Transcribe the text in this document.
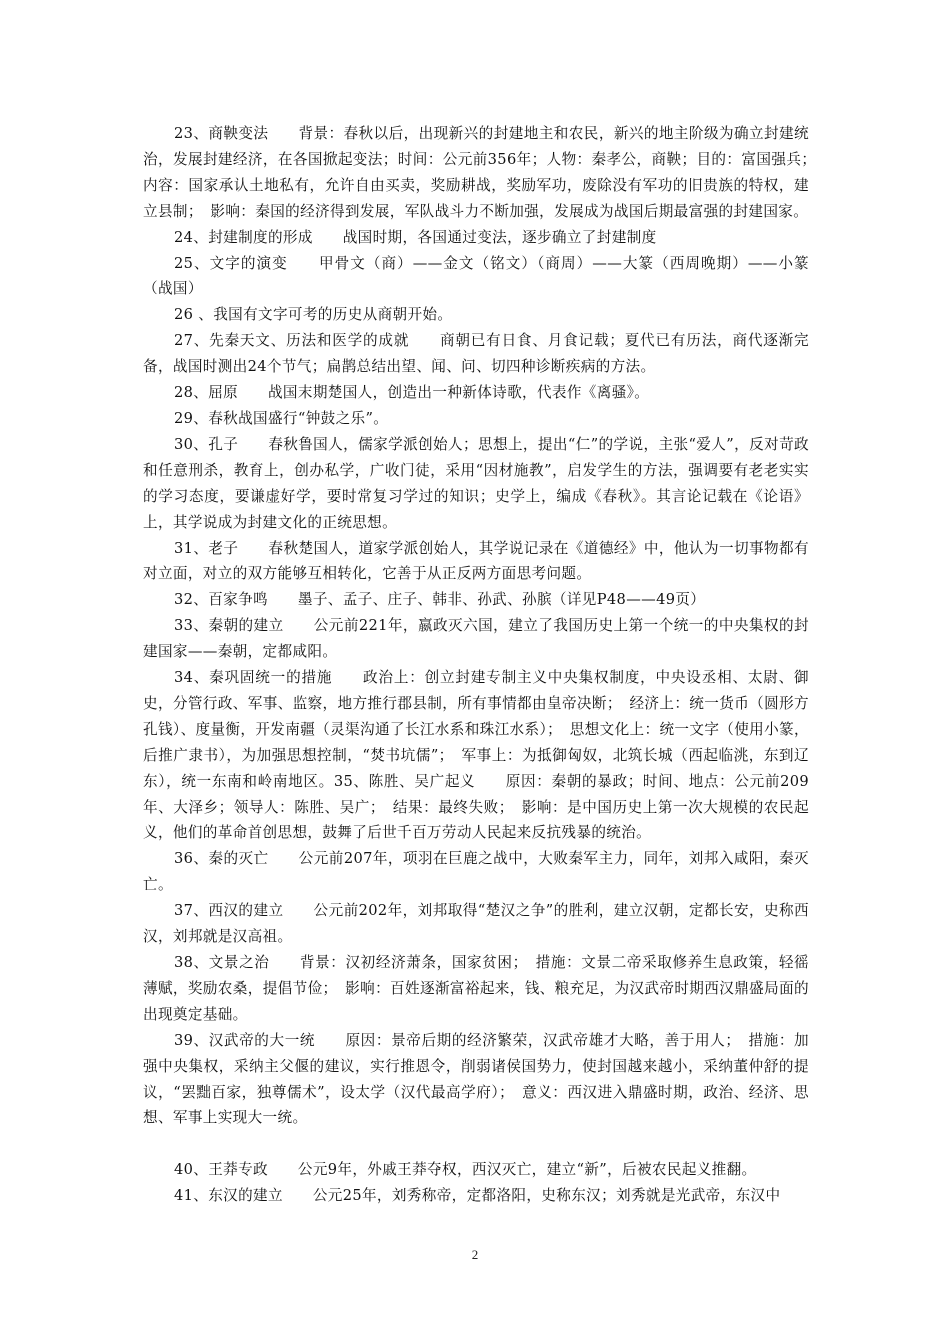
23、商鞅变法　　背景：春秋以后，出现新兴的封建地主和农民，新兴的地主阶级为确立封建统治，发展封建经济，在各国掀起变法；时间：公元前356年；人物：秦孝公，商鞅；目的：富国强兵；　内容：国家承认土地私有，允许自由买卖，奖励耕战，奖励军功，废除没有军功的旧贵族的特权，建立县制；　影响：秦国的经济得到发展，军队战斗力不断加强，发展成为战国后期最富强的封建国家。

24、封建制度的形成　　战国时期，各国通过变法，逐步确立了封建制度

25、文字的演变　　甲骨文（商）——金文（铭文）（商周）——大篆（西周晚期）——小篆（战国）

26 、我国有文字可考的历史从商朝开始。

27、先秦天文、历法和医学的成就　　商朝已有日食、月食记载；夏代已有历法，商代逐渐完备，战国时测出24个节气；扁鹊总结出望、闻、问、切四种诊断疾病的方法。

28、屈原　　战国末期楚国人，创造出一种新体诗歌，代表作《离骚》。

29、春秋战国盛行“钟鼓之乐”。

30、孔子　　春秋鲁国人，儒家学派创始人；思想上，提出“仁”的学说，主张“爱人”，反对苛政和任意刑杀，教育上，创办私学，广收门徒，采用“因材施教”，启发学生的方法，强调要有老老实实的学习态度，要谦虚好学，要时常复习学过的知识；史学上，编成《春秋》。其言论记载在《论语》上，其学说成为封建文化的正统思想。

31、老子　　春秋楚国人，道家学派创始人，其学说记录在《道德经》中，他认为一切事物都有对立面，对立的双方能够互相转化，它善于从正反两方面思考问题。

32、百家争鸣　　墨子、孟子、庄子、韩非、孙武、孙膑（详见P48——49页）

33、秦朝的建立　　公元前221年，嬴政灭六国，建立了我国历史上第一个统一的中央集权的封建国家——秦朝，定都咸阳。

34、秦巩固统一的措施　　政治上：创立封建专制主义中央集权制度，中央设丞相、太尉、御史，分管行政、军事、监察，地方推行郡县制，所有事情都由皇帝决断；　经济上：统一货币（圆形方孔钱）、度量衡，开发南疆（灵渠沟通了长江水系和珠江水系）；　思想文化上：统一文字（使用小篆，后推广隶书），为加强思想控制，“焚书坑儒”；　军事上：为抵御匈奴，北筑长城（西起临洮，东到辽东），统一东南和岭南地区。35、陈胜、吴广起义　　原因：秦朝的暴政；时间、地点：公元前209年、大泽乡；领导人：陈胜、吴广；　结果：最终失败；　影响：是中国历史上第一次大规模的农民起义，他们的革命首创思想，鼓舞了后世千百万劳动人民起来反抗残暴的统治。

36、秦的灭亡　　公元前207年，项羽在巨鹿之战中，大败秦军主力，同年，刘邦入咸阳，秦灭亡。

37、西汉的建立　　公元前202年，刘邦取得“楚汉之争”的胜利，建立汉朝，定都长安，史称西汉，刘邦就是汉高祖。

38、文景之治　　背景：汉初经济萧条，国家贫困；　措施：文景二帝采取修养生息政策，轻徭薄赋，奖励农桑，提倡节俭；　影响：百姓逐渐富裕起来，钱、粮充足，为汉武帝时期西汉鼎盛局面的出现奠定基础。

39、汉武帝的大一统　　原因：景帝后期的经济繁荣，汉武帝雄才大略，善于用人；　措施：加强中央集权，采纳主父偃的建议，实行推恩令，削弱诸侯国势力，使封国越来越小，采纳董仲舒的提议，“罢黜百家，独尊儒术”，设太学（汉代最高学府）；　意义：西汉进入鼎盛时期，政治、经济、思想、军事上实现大一统。

40、王莽专政　　公元9年，外戚王莽夺权，西汉灭亡，建立“新”，后被农民起义推翻。

41、东汉的建立　　公元25年，刘秀称帝，定都洛阳，史称东汉；刘秀就是光武帝，东汉中

2
